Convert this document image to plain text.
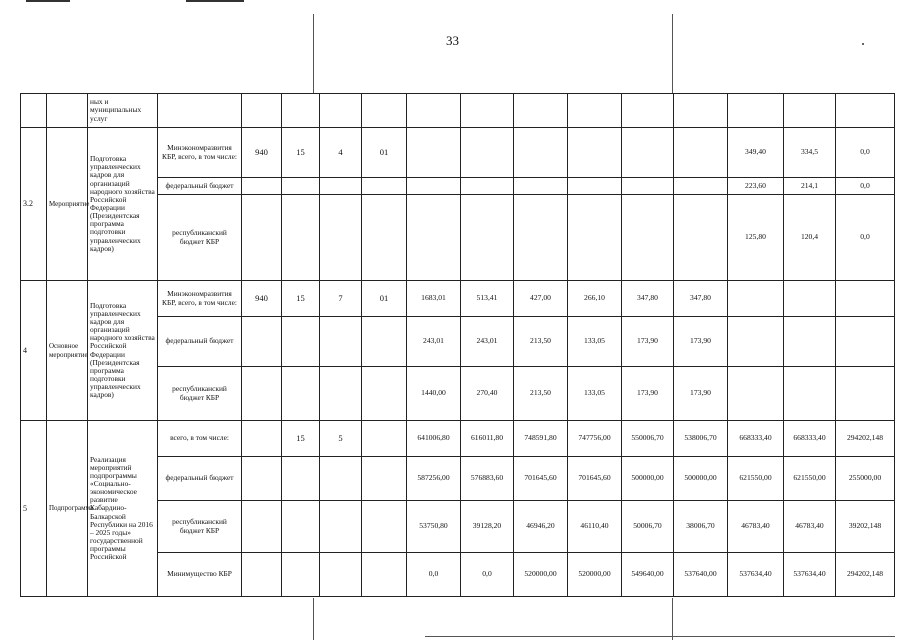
33
		ных и муниципальных услуг														
3.2	Мероприятие	Подготовка управленческих кадров для организаций народного хозяйства Российской Федерации (Президентская программа подготовки управленческих кадров)	Минэкономразвития КБР, всего, в том числе:	940	15	4	01							349,40	334,5	0,0
			федеральный бюджет											223,60	214,1	0,0
			республиканский бюджет КБР											125,80	120,4	0,0
4	Основное мероприятие	Подготовка управленческих кадров для организаций народного хозяйства Российской Федерации (Президентская программа подготовки управленческих кадров)	Минэкономразвития КБР, всего, в том числе:	940	15	7	01	1683,01	513,41	427,00	266,10	347,80	347,80			
			федеральный бюджет					243,01	243,01	213,50	133,05	173,90	173,90			
			республиканский бюджет КБР					1440,00	270,40	213,50	133,05	173,90	173,90			
5	Подпрограмма	Реализация мероприятий подпрограммы «Социально-экономическое развитие Кабардино-Балкарской Республики на 2016 – 2025 годы» государственной программы Российской	всего, в том числе:		15	5		641006,80	616011,80	748591,80	747756,00	550006,70	538006,70	668333,40	668333,40	294202,148
			федеральный бюджет					587256,00	576883,60	701645,60	701645,60	500000,00	500000,00	621550,00	621550,00	255000,00
			республиканский бюджет КБР					53750,80	39128,20	46946,20	46110,40	50006,70	38006,70	46783,40	46783,40	39202,148
			Минимущество КБР					0,0	0,0	520000,00	520000,00	549640,00	537640,00	537634,40	537634,40	294202,148
